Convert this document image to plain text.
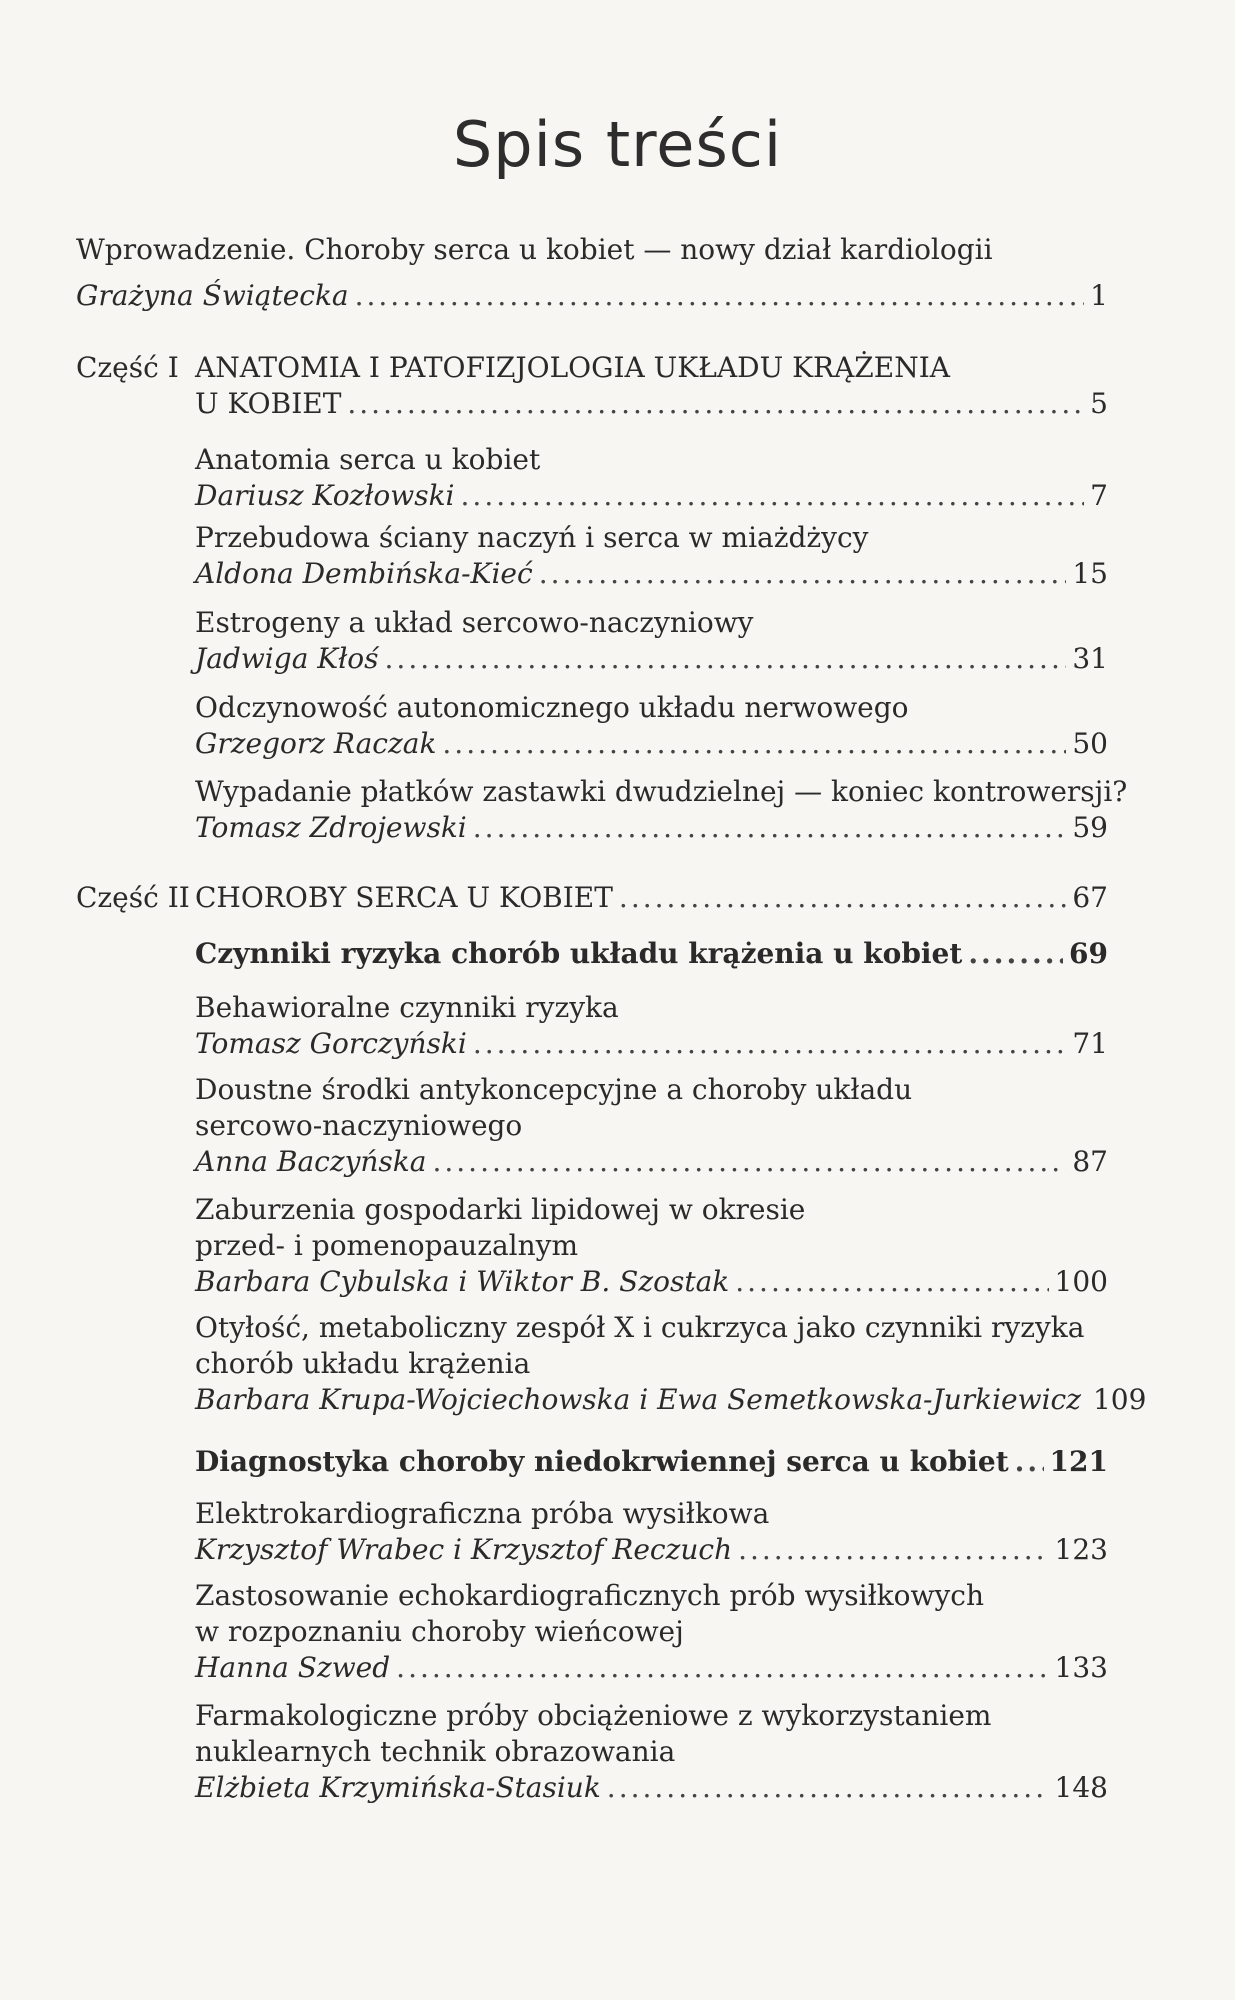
Spis treści
Wprowadzenie. Choroby serca u kobiet — nowy dział kardiologii
Grażyna Świątecka .....	1
Część I ANATOMIA I PATOFIZJOLOGIA UKŁADU KRĄŻENIA
U KOBIET .....	5
Anatomia serca u kobiet
Dariusz Kozłowski .....	7
Przebudowa ściany naczyń i serca w miażdżycy
Aldona Dembińska-Kieć .....	15
Estrogeny a układ sercowo-naczyniowy
Jadwiga Kłoś .....	31
Odczynowość autonomicznego układu nerwowego
Grzegorz Raczak .....	50
Wypadanie płatków zastawki dwudzielnej — koniec kontrowersji?
Tomasz Zdrojewski .....	59
Część II CHOROBY SERCA U KOBIET .....	67
Czynniki ryzyka chorób układu krążenia u kobiet .....	69
Behawioralne czynniki ryzyka
Tomasz Gorczyński .....	71
Doustne środki antykoncepcyjne a choroby układu
sercowo-naczyniowego
Anna Baczyńska .....	87
Zaburzenia gospodarki lipidowej w okresie
przed- i pomenopauzalnym
Barbara Cybulska i Wiktor B. Szostak .....	100
Otyłość, metaboliczny zespół X i cukrzyca jako czynniki ryzyka
chorób układu krążenia
Barbara Krupa-Wojciechowska i Ewa Semetkowska-Jurkiewicz 109
Diagnostyka choroby niedokrwiennej serca u kobiet ..... 121
Elektrokardiograficzna próba wysiłkowa
Krzysztof Wrabec i Krzysztof Reczuch .....	123
Zastosowanie echokardiograficznych prób wysiłkowych
w rozpoznaniu choroby wieńcowej
Hanna Szwed .....	133
Farmakologiczne próby obciążeniowe z wykorzystaniem
nuklearnych technik obrazowania
Elżbieta Krzymińska-Stasiuk .....	148
